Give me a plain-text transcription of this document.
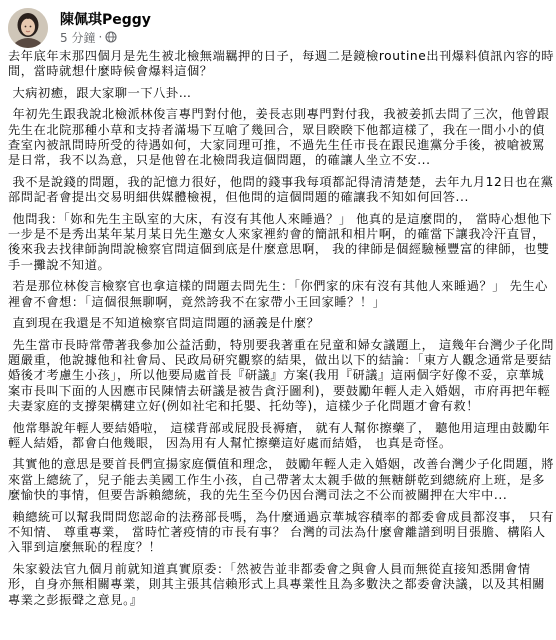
陳佩琪Peggy
5 分鐘 ·

去年底年末那四個月是先生被北檢無端羈押的日子，每週二是鏡檢routine出刊爆料偵訊內容的時間，當時就想什麼時候會爆料這個？

大病初癒，跟大家聊一下八卦…

年初先生跟我說北檢派林俊言專門對付他，姜長志則專門對付我，我被姜抓去問了三次，他曾跟先生在北院那種小草和支持者滿場下互嗆了幾回合，眾目睽睽下他都這樣了，我在一間小小的偵查室內被訊問時所受的待遇如何，大家同理可推，不過先生任市長在跟民進黨分手後，被嗆被罵是日常，我不以為意，只是他曾在北檢問我這個問題，的確讓人坐立不安...

我不是說錢的問題，我的記憶力很好，他問的錢事我每項都記得清清楚楚，去年九月12日也在黨部問記者會提出交易明細供媒體檢視，但他問的這個問題的確讓我不知如何回答...

他問我：「妳和先生主臥室的大床，有沒有其他人來睡過？」 他真的是這麼問的， 當時心想他下一步是不是秀出某年某月某日先生邀女人來家裡約會的簡訊和相片啊，的確當下讓我冷汗直冒，後來我去找律師詢問說檢察官問這個到底是什麼意思啊， 我的律師是個經驗極豐富的律師，也雙手一攤說不知道。

若是那位林俊言檢察官也拿這樣的問題去問先生：「你們家的床有沒有其他人來睡過？」 先生心裡會不會想：「這個很無聊啊，竟然誇我不在家帶小王回家睡？！」

直到現在我還是不知道檢察官問這問題的涵義是什麼？

先生當市長時常帶著我參加公益活動，特別要我著重在兒童和婦女議題上， 這幾年台灣少子化問題嚴重，他說據他和社會局、民政局研究觀察的結果，做出以下的結論：「東方人觀念通常是要結婚後才考慮生小孩」，所以他要局處首長『研議』方案(我用『研議』這兩個字好像不妥，京華城案市長叫下面的人因應市民陳情去研議是被告貪汙圖利)，要鼓勵年輕人走入婚姻，市府再把年輕夫妻家庭的支撐架構建立好(例如社宅和托嬰、托幼等)，這樣少子化問題才會有救！

他常舉說年輕人要結婚啦， 這樣背部或屁股長褥瘡， 就有人幫你擦藥了， 聽他用這理由鼓勵年輕人結婚，都會白他幾眼， 因為用有人幫忙擦藥這好處而結婚， 也真是奇怪。

其實他的意思是要首長們宣揚家庭價值和理念， 鼓勵年輕人走入婚姻，改善台灣少子化問題，將來當上總統了，兒子能去美國工作生小孩，自己帶著太太親手做的無糖餅乾到總統府上班，是多麼愉快的事情，但要告訴賴總統，我的先生至今仍因台灣司法之不公而被關押在大牢中...

賴總統可以幫我問問您認命的法務部長嗎，為什麼通過京華城容積率的都委會成員都沒事， 只有不知情、 尊重專業， 當時忙著疫情的市長有事？ 台灣的司法為什麼會離譜到明目張膽、構陷人入罪到這麼無恥的程度？！

朱家毅法官九個月前就知道真實原委：「然被告並非都委會之與會人員而無從直接知悉開會情形，自身亦無相關專業，則其主張其信賴形式上具專業性且為多數決之都委會決議，以及其相關專業之彭振聲之意見。』
